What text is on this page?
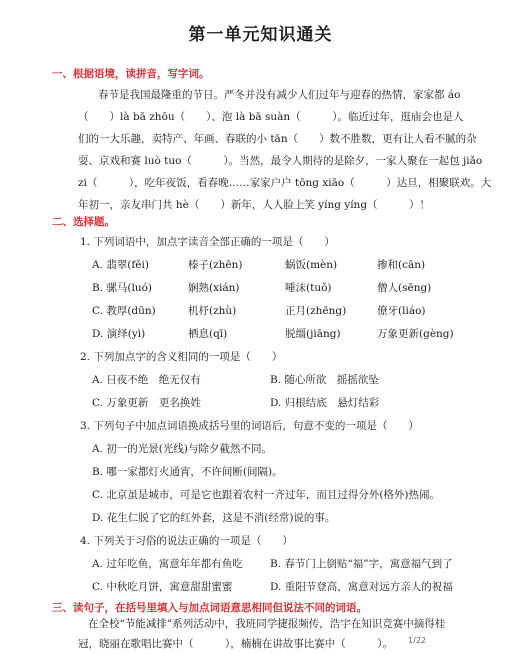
第一单元知识通关
一、根据语境，读拼音，写字词。
春节是我国最隆重的节日。严冬并没有减少人们过年与迎春的热情，家家都 áo
（　　）là bā zhōu（　　）、泡 là bā suàn（　　　）。临近过年，逛庙会也是人
们的一大乐趣，卖特产、年画、春联的小 tān（　　）数不胜数，更有让人看不腻的杂
耍、京戏和赛 luò tuo（　　　）。当然，最令人期待的是除夕，一家人聚在一起包 jiǎo
zi（　　　），吃年夜饭，看春晚……家家户户 tōng xiāo（　　　）达旦，相聚联欢。大
年初一，亲友串门共 hè（　　）新年，人人脸上笑 yíng yíng（　　　）！
二、选择题。
1. 下列词语中，加点字读音全部正确的一项是（　　）
A. 翡翠(fěi)	榛子(zhēn)	蜗饭(mèn)	掺和(cān)
B. 骡马(luó)	娴熟(xián)	唾沫(tuǒ)	僧人(sēng)
C. 教厚(dūn)	机杼(zhù)	正月(zhēng)	僚牙(liáo)
D. 演绎(yì)	栖息(qī)	脱缰(jiāng)	万象更新(gèng)
2. 下列加点字的含义相同的一项是（　　）
A. 日夜不绝　绝无仅有	B. 随心所欲　摇摇欲坠
C. 万象更新　更名换姓	D. 归根结底　悬灯结彩
3. 下列句子中加点词语换成括号里的词语后，句意不变的一项是（　　）
A. 初一的光景(光线)与除夕截然不同。
B. 哪一家都灯火通宵，不许间断(间隔)。
C. 北京虽是城市，可是它也跟着农村一齐过年，而且过得分外(格外)热闹。
D. 花生仁脱了它的红外套，这是不消(经常)说的事。
4. 下列关于习俗的说法正确的一项是（　　）
A. 过年吃鱼，寓意年年都有鱼吃	B. 春节门上倒贴“福”字，寓意福气到了
C. 中秋吃月饼，寓意甜甜蜜蜜	D. 重阳节登高，寓意对远方亲人的祝福
三、读句子，在括号里填入与加点词语意思相同但说法不同的词语。
在全校“节能减排”系列活动中，我班同学捷报频传，浩宇在知识竞赛中摘得桂
冠，晓丽在歌唱比赛中（　　　），楠楠在讲故事比赛中（　　　）。	1/22
